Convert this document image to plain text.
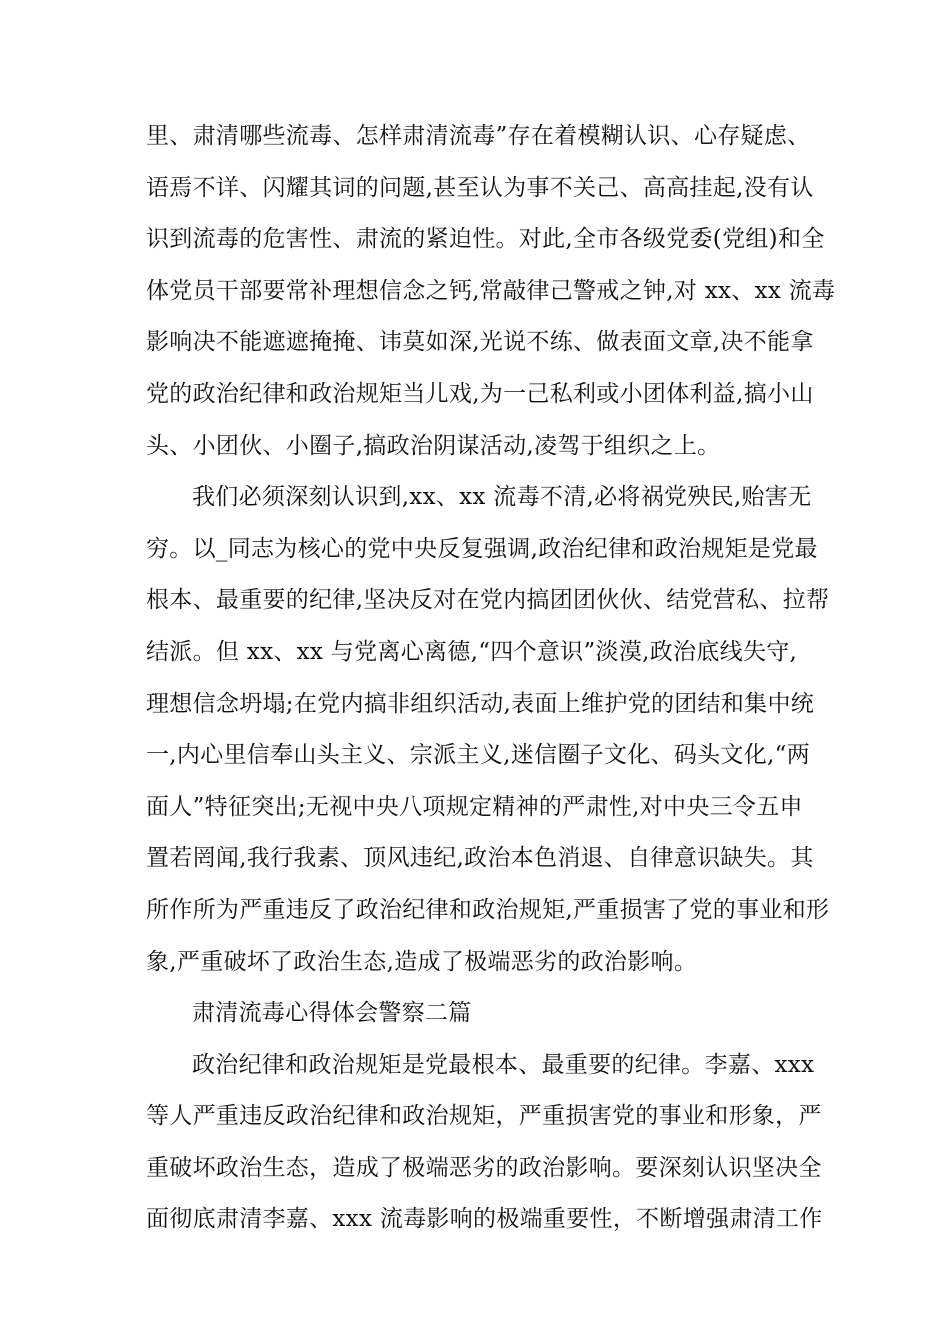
里、肃清哪些流毒、怎样肃清流毒”存在着模糊认识、心存疑虑、
语焉不详、闪耀其词的问题,甚至认为事不关己、高高挂起,没有认
识到流毒的危害性、肃流的紧迫性。对此,全市各级党委(党组)和全
体党员干部要常补理想信念之钙,常敲律己警戒之钟,对 xx、xx 流毒
影响决不能遮遮掩掩、讳莫如深,光说不练、做表面文章,决不能拿
党的政治纪律和政治规矩当儿戏,为一己私利或小团体利益,搞小山
头、小团伙、小圈子,搞政治阴谋活动,凌驾于组织之上。
我们必须深刻认识到,xx、xx 流毒不清,必将祸党殃民,贻害无
穷。以_同志为核心的党中央反复强调,政治纪律和政治规矩是党最
根本、最重要的纪律,坚决反对在党内搞团团伙伙、结党营私、拉帮
结派。但 xx、xx 与党离心离德,“四个意识”淡漠,政治底线失守,
理想信念坍塌;在党内搞非组织活动,表面上维护党的团结和集中统
一,内心里信奉山头主义、宗派主义,迷信圈子文化、码头文化,“两
面人”特征突出;无视中央八项规定精神的严肃性,对中央三令五申
置若罔闻,我行我素、顶风违纪,政治本色消退、自律意识缺失。其
所作所为严重违反了政治纪律和政治规矩,严重损害了党的事业和形
象,严重破坏了政治生态,造成了极端恶劣的政治影响。
肃清流毒心得体会警察二篇
政治纪律和政治规矩是党最根本、最重要的纪律。李嘉、xxx
等人严重违反政治纪律和政治规矩，严重损害党的事业和形象，严
重破坏政治生态，造成了极端恶劣的政治影响。要深刻认识坚决全
面彻底肃清李嘉、xxx 流毒影响的极端重要性，不断增强肃清工作
